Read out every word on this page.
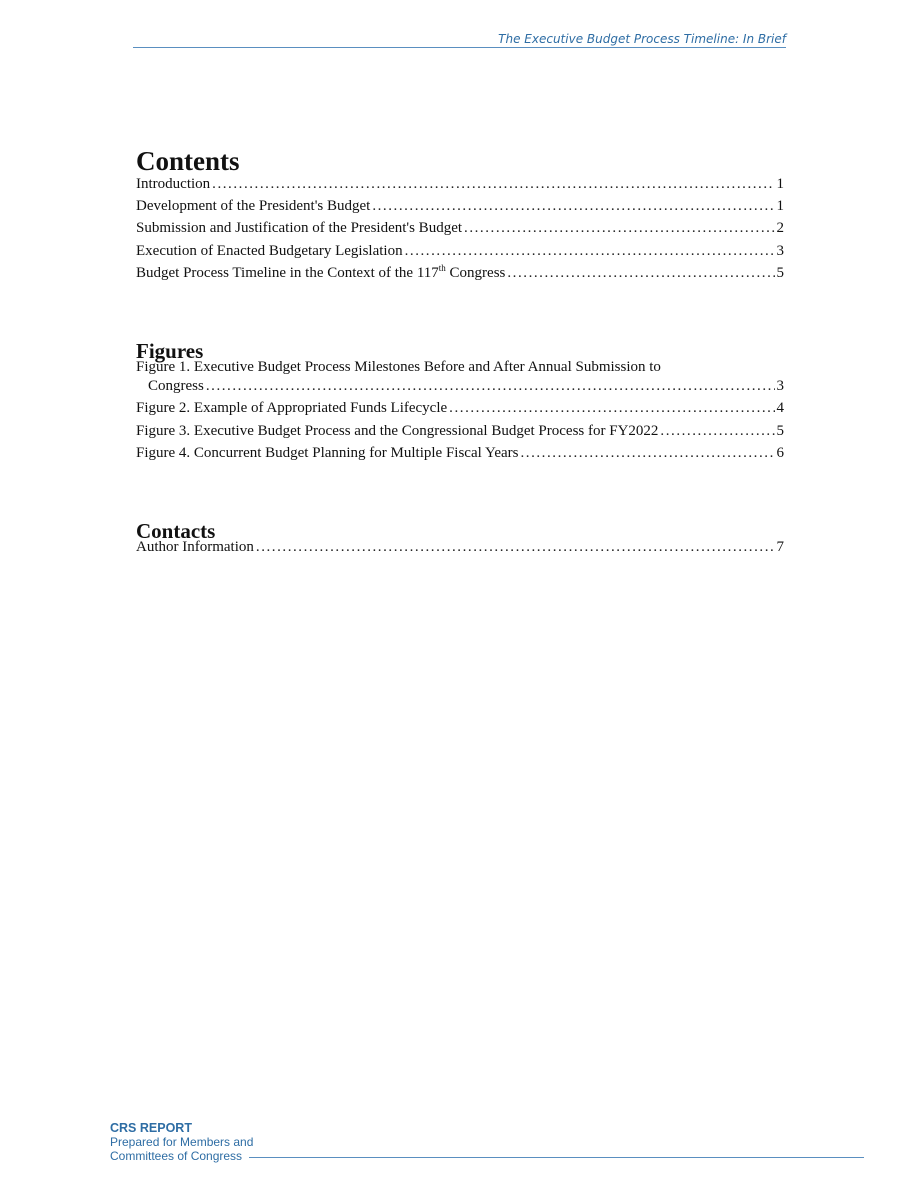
The Executive Budget Process Timeline: In Brief
Contents
Introduction . . .	1
Development of the President's Budget . . .	1
Submission and Justification of the President's Budget . . .	2
Execution of Enacted Budgetary Legislation . . .	3
Budget Process Timeline in the Context of the 117th Congress . . .	5
Figures
Figure 1. Executive Budget Process Milestones Before and After Annual Submission to
Congress . . .	3
Figure 2. Example of Appropriated Funds Lifecycle . . .	4
Figure 3. Executive Budget Process and the Congressional Budget Process for FY2022 . . .	5
Figure 4. Concurrent Budget Planning for Multiple Fiscal Years . . .	6
Contacts
Author Information . . .	7
CRS REPORT
Prepared for Members and
Committees of Congress
